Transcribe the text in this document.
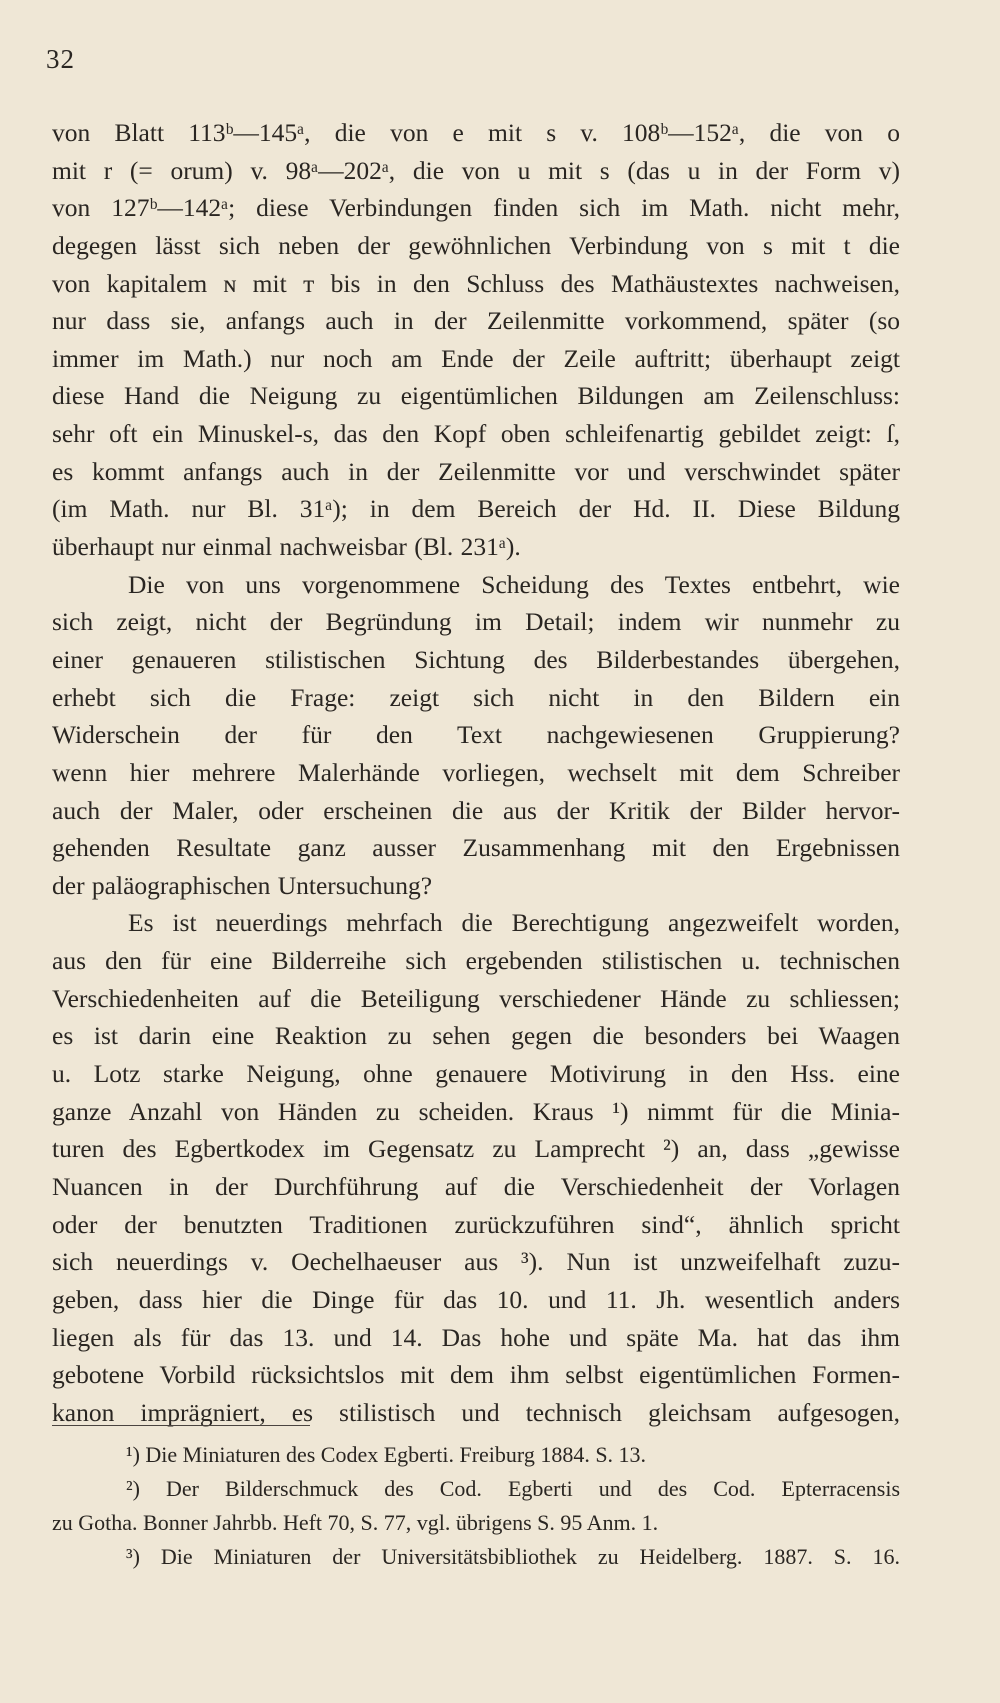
32
von Blatt 113ᵇ—145ᵃ, die von e mit s v. 108ᵇ—152ᵃ, die von o
mit r (= orum) v. 98ᵃ—202ᵃ, die von u mit s (das u in der Form v)
von 127ᵇ—142ᵃ; diese Verbindungen finden sich im Math. nicht mehr,
degegen lässt sich neben der gewöhnlichen Verbindung von s mit t die
von kapitalem ɴ mit ᴛ bis in den Schluss des Mathäustextes nachweisen,
nur dass sie, anfangs auch in der Zeilenmitte vorkommend, später (so
immer im Math.) nur noch am Ende der Zeile auftritt; überhaupt zeigt
diese Hand die Neigung zu eigentümlichen Bildungen am Zeilenschluss:
sehr oft ein Minuskel-s, das den Kopf oben schleifenartig gebildet zeigt: ſ,
es kommt anfangs auch in der Zeilenmitte vor und verschwindet später
(im Math. nur Bl. 31ᵃ); in dem Bereich der Hd. II. Diese Bildung
überhaupt nur einmal nachweisbar (Bl. 231ᵃ).
Die von uns vorgenommene Scheidung des Textes entbehrt, wie
sich zeigt, nicht der Begründung im Detail; indem wir nunmehr zu
einer genaueren stilistischen Sichtung des Bilderbestandes übergehen,
erhebt sich die Frage: zeigt sich nicht in den Bildern ein
Widerschein der für den Text nachgewiesenen Gruppierung?
wenn hier mehrere Malerhände vorliegen, wechselt mit dem Schreiber
auch der Maler, oder erscheinen die aus der Kritik der Bilder hervor-
gehenden Resultate ganz ausser Zusammenhang mit den Ergebnissen
der paläographischen Untersuchung?
Es ist neuerdings mehrfach die Berechtigung angezweifelt worden,
aus den für eine Bilderreihe sich ergebenden stilistischen u. technischen
Verschiedenheiten auf die Beteiligung verschiedener Hände zu schliessen;
es ist darin eine Reaktion zu sehen gegen die besonders bei Waagen
u. Lotz starke Neigung, ohne genauere Motivirung in den Hss. eine
ganze Anzahl von Händen zu scheiden. Kraus ¹) nimmt für die Minia-
turen des Egbertkodex im Gegensatz zu Lamprecht ²) an, dass „gewisse
Nuancen in der Durchführung auf die Verschiedenheit der Vorlagen
oder der benutzten Traditionen zurückzuführen sind“, ähnlich spricht
sich neuerdings v. Oechelhaeuser aus ³). Nun ist unzweifelhaft zuzu-
geben, dass hier die Dinge für das 10. und 11. Jh. wesentlich anders
liegen als für das 13. und 14. Das hohe und späte Ma. hat das ihm
gebotene Vorbild rücksichtslos mit dem ihm selbst eigentümlichen Formen-
kanon imprägniert, es stilistisch und technisch gleichsam aufgesogen,
¹) Die Miniaturen des Codex Egberti. Freiburg 1884. S. 13.
²) Der Bilderschmuck des Cod. Egberti und des Cod. Epterracensis
zu Gotha. Bonner Jahrbb. Heft 70, S. 77, vgl. übrigens S. 95 Anm. 1.
³) Die Miniaturen der Universitätsbibliothek zu Heidelberg. 1887. S. 16.
